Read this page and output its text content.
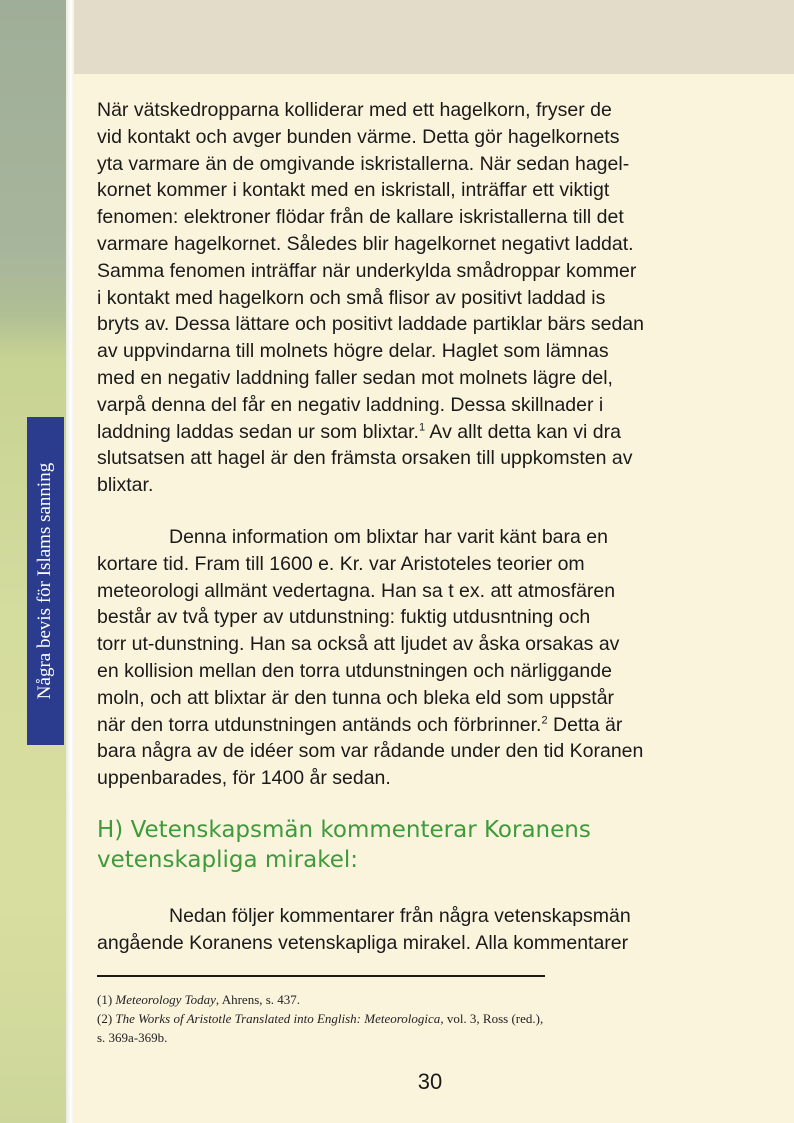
Några bevis för Islams sanning
När vätskedropparna kolliderar med ett hagelkorn, fryser de
vid kontakt och avger bunden värme. Detta gör hagelkornets
yta varmare än de omgivande iskristallerna. När sedan hagel-
kornet kommer i kontakt med en iskristall, inträffar ett viktigt
fenomen: elektroner flödar från de kallare iskristallerna till det
varmare hagelkornet. Således blir hagelkornet negativt laddat.
Samma fenomen inträffar när underkylda smådroppar kommer
i kontakt med hagelkorn och små flisor av positivt laddad is
bryts av. Dessa lättare och positivt laddade partiklar bärs sedan
av uppvindarna till molnets högre delar. Haglet som lämnas
med en negativ laddning faller sedan mot molnets lägre del,
varpå denna del får en negativ laddning. Dessa skillnader i
laddning laddas sedan ur som blixtar.$^1$ Av allt detta kan vi dra
slutsatsen att hagel är den främsta orsaken till uppkomsten av
blixtar.
Denna information om blixtar har varit känt bara en
kortare tid. Fram till 1600 e. Kr. var Aristoteles teorier om
meteorologi allmänt vedertagna. Han sa t ex. att atmosfären
består av två typer av utdunstning: fuktig utdusntning och
torr ut-dunstning. Han sa också att ljudet av åska orsakas av
en kollision mellan den torra utdunstningen och närliggande
moln, och att blixtar är den tunna och bleka eld som uppstår
när den torra utdunstningen antänds och förbrinner.$^2$ Detta är
bara några av de idéer som var rådande under den tid Koranen
uppenbarades, för 1400 år sedan.
H) Vetenskapsmän kommenterar Koranens
vetenskapliga mirakel:
Nedan följer kommentarer från några vetenskapsmän
angående Koranens vetenskapliga mirakel. Alla kommentarer
(1) Meteorology Today, Ahrens, s. 437.
(2) The Works of Aristotle Translated into English: Meteorologica, vol. 3, Ross (red.),
s. 369a-369b.
30
